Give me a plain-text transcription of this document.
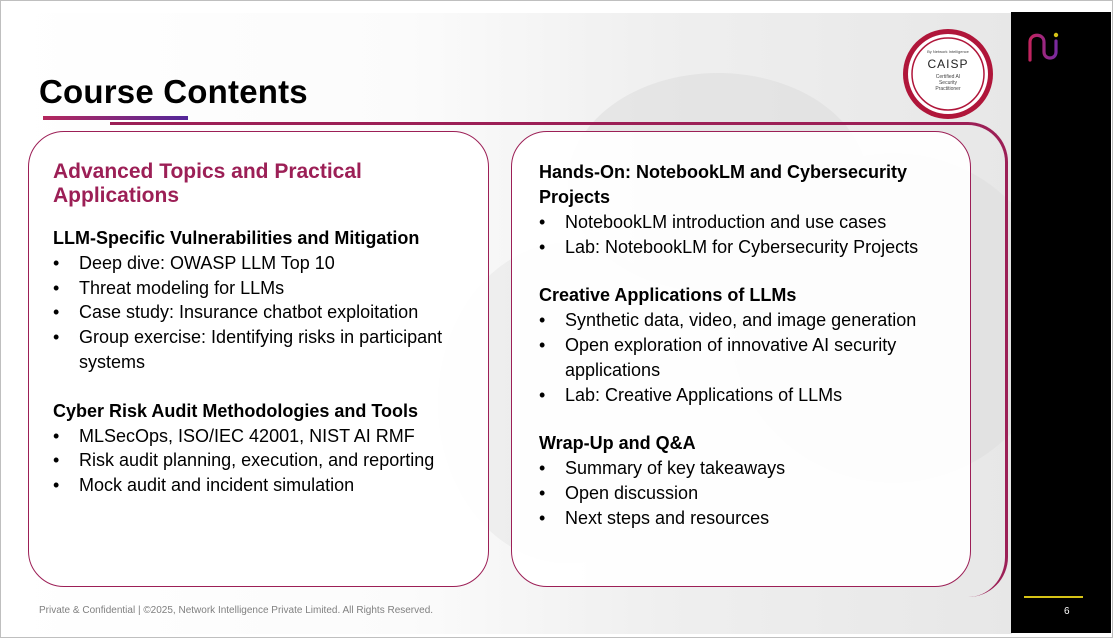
6
Course Contents
By Network Intelligence
CAISP
Certified AI
Security
Practitioner
Advanced Topics and Practical Applications
LLM-Specific Vulnerabilities and Mitigation
• Deep dive: OWASP LLM Top 10
• Threat modeling for LLMs
• Case study: Insurance chatbot exploitation
• Group exercise: Identifying risks in participant systems
Cyber Risk Audit Methodologies and Tools
• MLSecOps, ISO/IEC 42001, NIST AI RMF
• Risk audit planning, execution, and reporting
• Mock audit and incident simulation
Hands-On: NotebookLM and Cybersecurity Projects
• NotebookLM introduction and use cases
• Lab: NotebookLM for Cybersecurity Projects
Creative Applications of LLMs
• Synthetic data, video, and image generation
• Open exploration of innovative AI security applications
• Lab: Creative Applications of LLMs
Wrap-Up and Q&A
• Summary of key takeaways
• Open discussion
• Next steps and resources
Private & Confidential | ©2025, Network Intelligence Private Limited. All Rights Reserved.
